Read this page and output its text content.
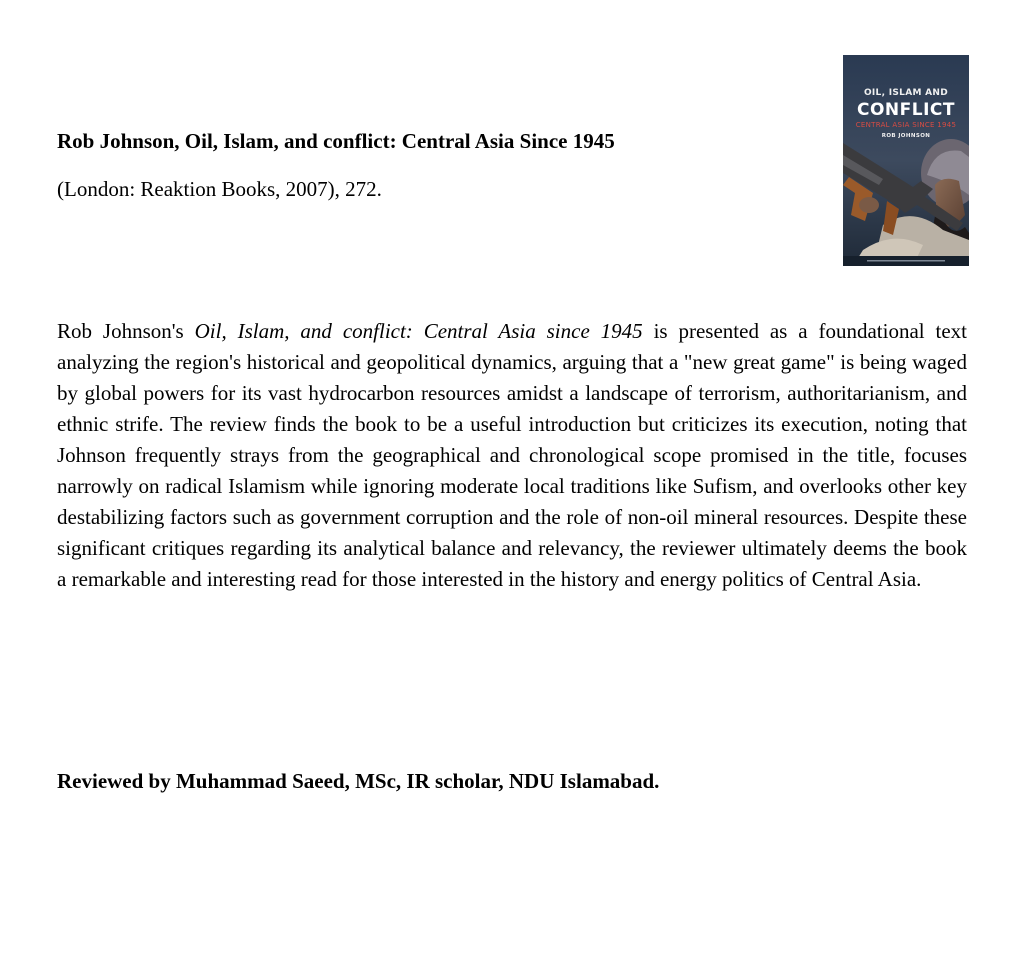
Rob Johnson, Oil, Islam, and conflict: Central Asia Since 1945

(London: Reaktion Books, 2007), 272.

OIL, ISLAM AND
CONFLICT
CENTRAL ASIA SINCE 1945
ROB JOHNSON

Rob Johnson's Oil, Islam, and conflict: Central Asia since 1945 is presented as a foundational text analyzing the region's historical and geopolitical dynamics, arguing that a "new great game" is being waged by global powers for its vast hydrocarbon resources amidst a landscape of terrorism, authoritarianism, and ethnic strife. The review finds the book to be a useful introduction but criticizes its execution, noting that Johnson frequently strays from the geographical and chronological scope promised in the title, focuses narrowly on radical Islamism while ignoring moderate local traditions like Sufism, and overlooks other key destabilizing factors such as government corruption and the role of non-oil mineral resources. Despite these significant critiques regarding its analytical balance and relevancy, the reviewer ultimately deems the book a remarkable and interesting read for those interested in the history and energy politics of Central Asia.

Reviewed by Muhammad Saeed, MSc, IR scholar, NDU Islamabad.
